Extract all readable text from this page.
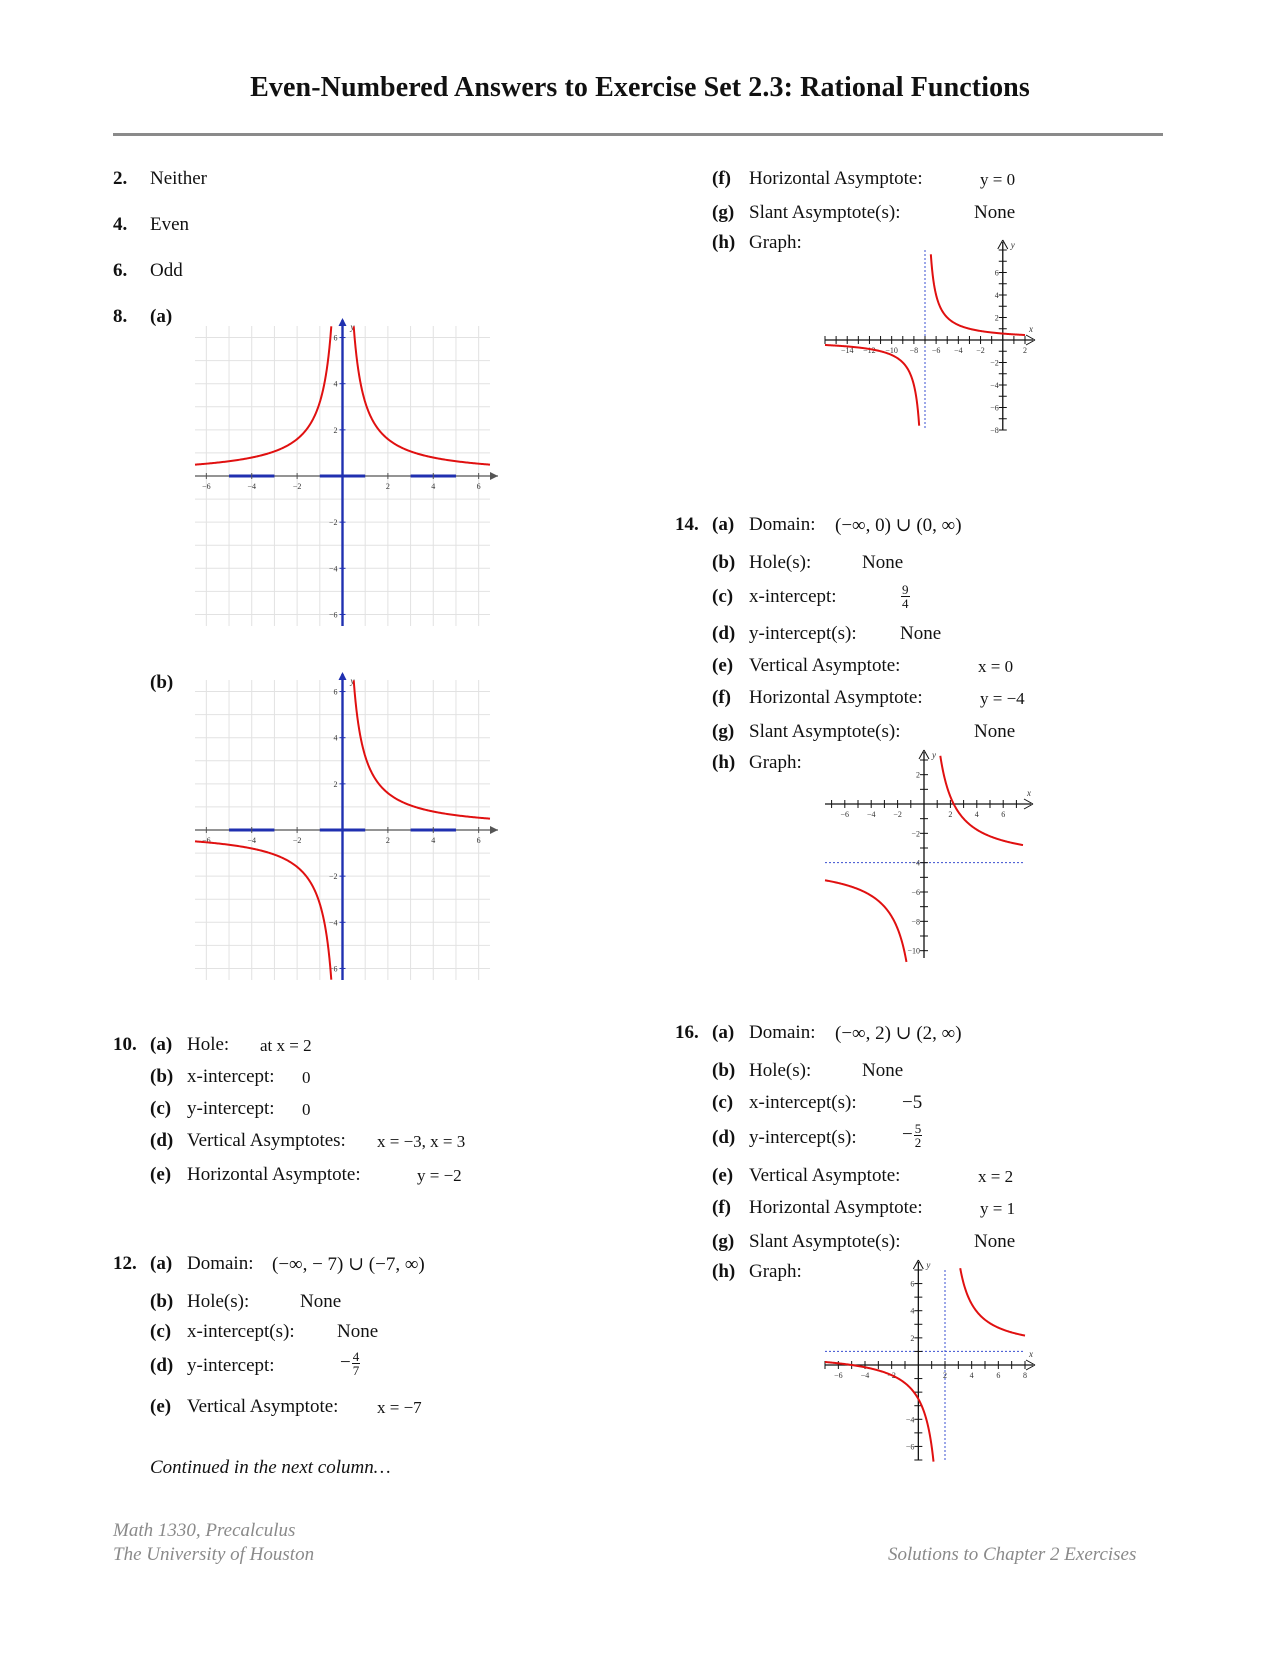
Even-Numbered Answers to Exercise Set 2.3: Rational Functions
2. Neither
4. Even
6. Odd
8. (a)
(b)
y
−6	−4	−2	2	4	6
−6
−4
−2
2
4
6
y
−6	−4	−2	2	4	6
−6
−4
−2
2
4
6
10. (a) Hole: at x = 2
(b) x-intercept: 0
(c) y-intercept: 0
(d) Vertical Asymptotes: x = −3, x = 3
(e) Horizontal Asymptote:	y = −2
12. (a) Domain: (−∞, − 7) ∪ (−7, ∞)
(b) Hole(s):	None
(c) x-intercept(s): None
(d) y-intercept:	− $\frac{4}{7}$
(e) Vertical Asymptote: x = −7
Continued in the next column…
(f) Horizontal Asymptote:	y = 0
(g) Slant Asymptote(s):	None
(h) Graph:
x
y
−14 −12 −10 −8 −6 −4 −2	2
6
4
2
−2
−4
−6
−8
14. (a) Domain: (−∞, 0) ∪ (0, ∞)
(b) Hole(s):	None
(c) x-intercept:	$\frac{9}{4}$
(d) y-intercept(s): None
(e) Vertical Asymptote:	x = 0
(f) Horizontal Asymptote:	y = −4
(g) Slant Asymptote(s):	None
(h) Graph:
x
y
−6 −4 −2	2	4	6
2
−2
−4
−6
−8
−10
16. (a) Domain: (−∞, 2) ∪ (2, ∞)
(b) Hole(s):	None
(c) x-intercept(s): −5
(d) y-intercept(s): − $\frac{5}{2}$
(e) Vertical Asymptote:	x = 2
(f) Horizontal Asymptote:	y = 1
(g) Slant Asymptote(s):	None
(h) Graph:
x
y
−6 −4 −2	2	4	6	8
6
4
2
−4
−6
Math 1330, Precalculus
The University of Houston	Solutions to Chapter 2 Exercises
